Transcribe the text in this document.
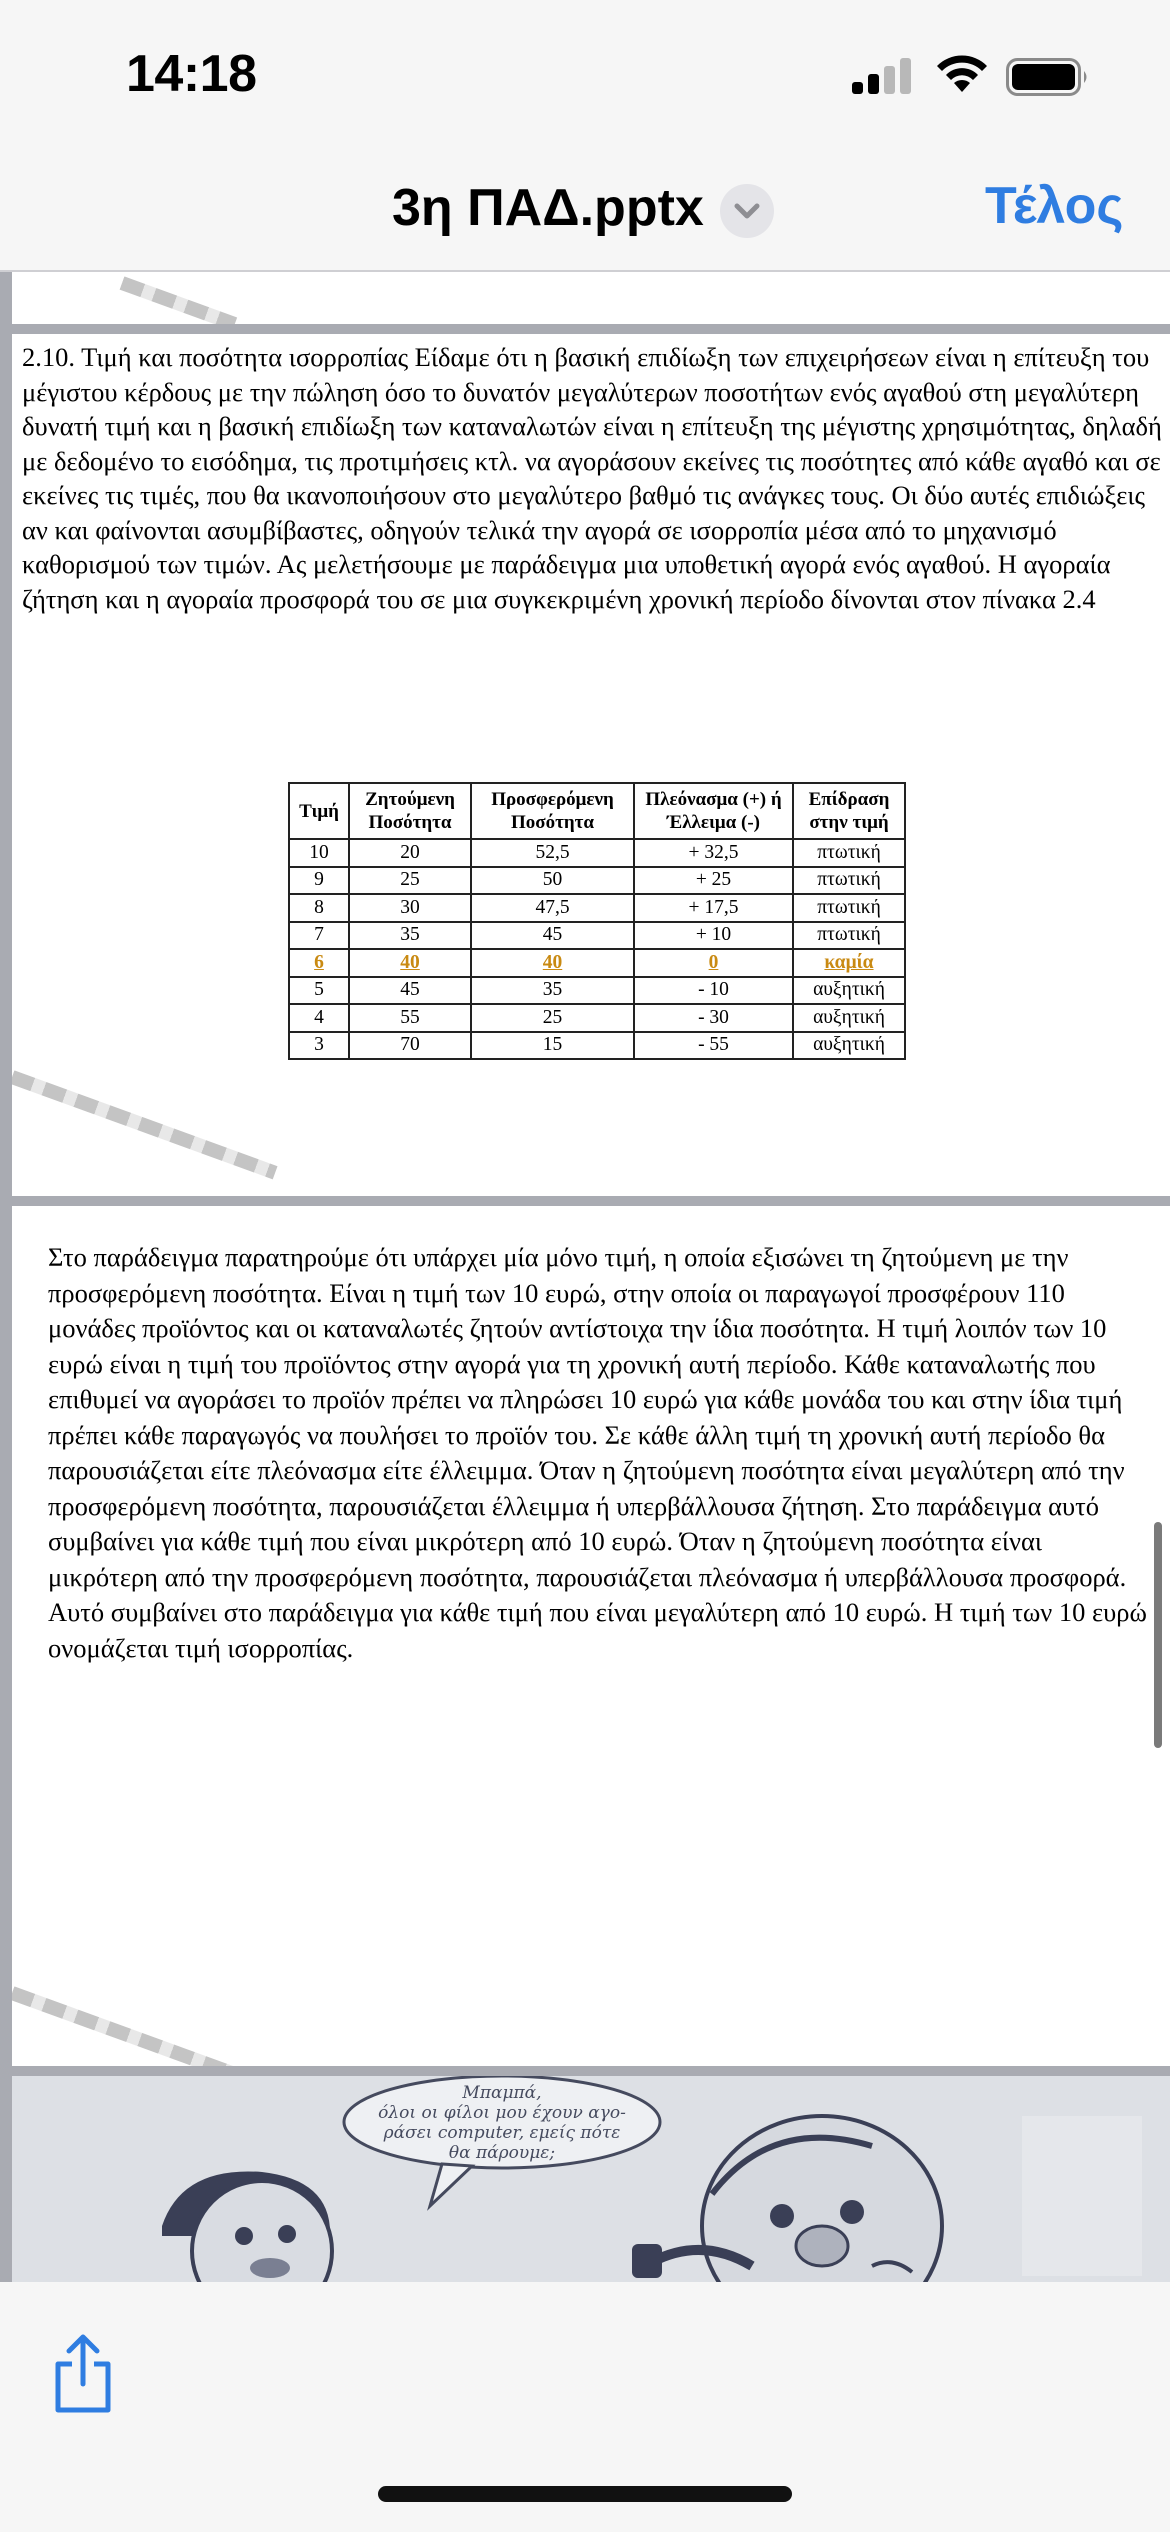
14:18
3η ΠΑΔ.pptx	Τέλος

2.10. Τιμή και ποσότητα ισορροπίας Είδαμε ότι η βασική επιδίωξη των επιχειρήσεων είναι η επίτευξη του μέγιστου κέρδους με την πώληση όσο το δυνατόν μεγαλύτερων ποσοτήτων ενός αγαθού στη μεγαλύτερη δυνατή τιμή και η βασική επιδίωξη των καταναλωτών είναι η επίτευξη της μέγιστης χρησιμότητας, δηλαδή με δεδομένο το εισόδημα, τις προτιμήσεις κτλ. να αγοράσουν εκείνες τις ποσότητες από κάθε αγαθό και σε εκείνες τις τιμές, που θα ικανοποιήσουν στο μεγαλύτερο βαθμό τις ανάγκες τους. Οι δύο αυτές επιδιώξεις αν και φαίνονται ασυμβίβαστες, οδηγούν τελικά την αγορά σε ισορροπία μέσα από το μηχανισμό καθορισμού των τιμών. Ας μελετήσουμε με παράδειγμα μια υποθετική αγορά ενός αγαθού. Η αγοραία ζήτηση και η αγοραία προσφορά του σε μια συγκεκριμένη χρονική περίοδο δίνονται στον πίνακα 2.4

Τιμή	Ζητούμενη Ποσότητα	Προσφερόμενη Ποσότητα	Πλεόνασμα (+) ή Έλλειμα (-)	Επίδραση στην τιμή
10	20	52,5	+ 32,5	πτωτική
9	25	50	+ 25	πτωτική
8	30	47,5	+ 17,5	πτωτική
7	35	45	+ 10	πτωτική
6	40	40	0	καμία
5	45	35	- 10	αυξητική
4	55	25	- 30	αυξητική
3	70	15	- 55	αυξητική

Στο παράδειγμα παρατηρούμε ότι υπάρχει μία μόνο τιμή, η οποία εξισώνει τη ζητούμενη με την προσφερόμενη ποσότητα. Είναι η τιμή των 10 ευρώ, στην οποία οι παραγωγοί προσφέρουν 110 μονάδες προϊόντος και οι καταναλωτές ζητούν αντίστοιχα την ίδια ποσότητα. Η τιμή λοιπόν των 10 ευρώ είναι η τιμή του προϊόντος στην αγορά για τη χρονική αυτή περίοδο. Κάθε καταναλωτής που επιθυμεί να αγοράσει το προϊόν πρέπει να πληρώσει 10 ευρώ για κάθε μονάδα του και στην ίδια τιμή πρέπει κάθε παραγωγός να πουλήσει το προϊόν του. Σε κάθε άλλη τιμή τη χρονική αυτή περίοδο θα παρουσιάζεται είτε πλεόνασμα είτε έλλειμμα. Όταν η ζητούμενη ποσότητα είναι μεγαλύτερη από την προσφερόμενη ποσότητα, παρουσιάζεται έλλειμμα ή υπερβάλλουσα ζήτηση. Στο παράδειγμα αυτό συμβαίνει για κάθε τιμή που είναι μικρότερη από 10 ευρώ. Όταν η ζητούμενη ποσότητα είναι μικρότερη από την προσφερόμενη ποσότητα, παρουσιάζεται πλεόνασμα ή υπερβάλλουσα προσφορά. Αυτό συμβαίνει στο παράδειγμα για κάθε τιμή που είναι μεγαλύτερη από 10 ευρώ. Η τιμή των 10 ευρώ ονομάζεται τιμή ισορροπίας.

Μπαμπά,
όλοι οι φίλοι μου έχουν αγο-
ράσει computer, εμείς πότε
θα πάρουμε;
